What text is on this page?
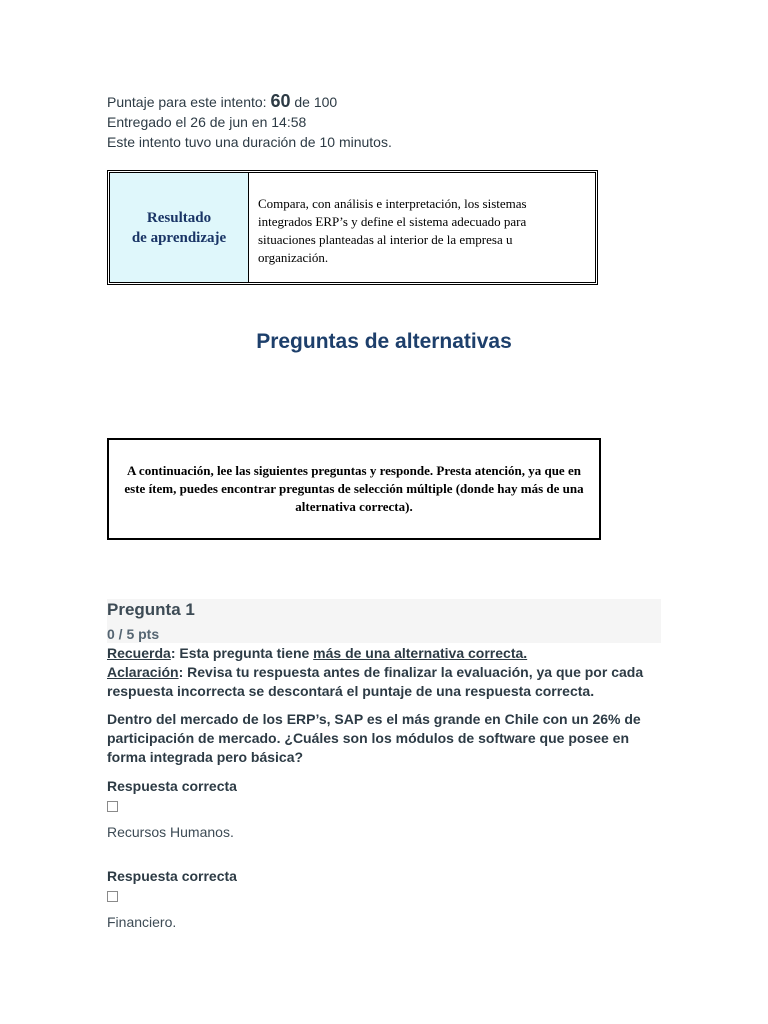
Puntaje para este intento: 60 de 100
Entregado el 26 de jun en 14:58
Este intento tuvo una duración de 10 minutos.
Resultado
de aprendizaje
Compara, con análisis e interpretación, los sistemas integrados ERP’s y define el sistema adecuado para situaciones planteadas al interior de la empresa u organización.
Preguntas de alternativas
A continuación, lee las siguientes preguntas y responde. Presta atención, ya que en este ítem, puedes encontrar preguntas de selección múltiple (donde hay más de una alternativa correcta).
Pregunta 1
0 / 5 pts

Recuerda: Esta pregunta tiene más de una alternativa correcta.

Aclaración: Revisa tu respuesta antes de finalizar la evaluación, ya que por cada respuesta incorrecta se descontará el puntaje de una respuesta correcta.

Dentro del mercado de los ERP’s, SAP es el más grande en Chile con un 26% de participación de mercado. ¿Cuáles son los módulos de software que posee en forma integrada pero básica?

Respuesta correcta
Recursos Humanos.
Respuesta correcta
Financiero.
